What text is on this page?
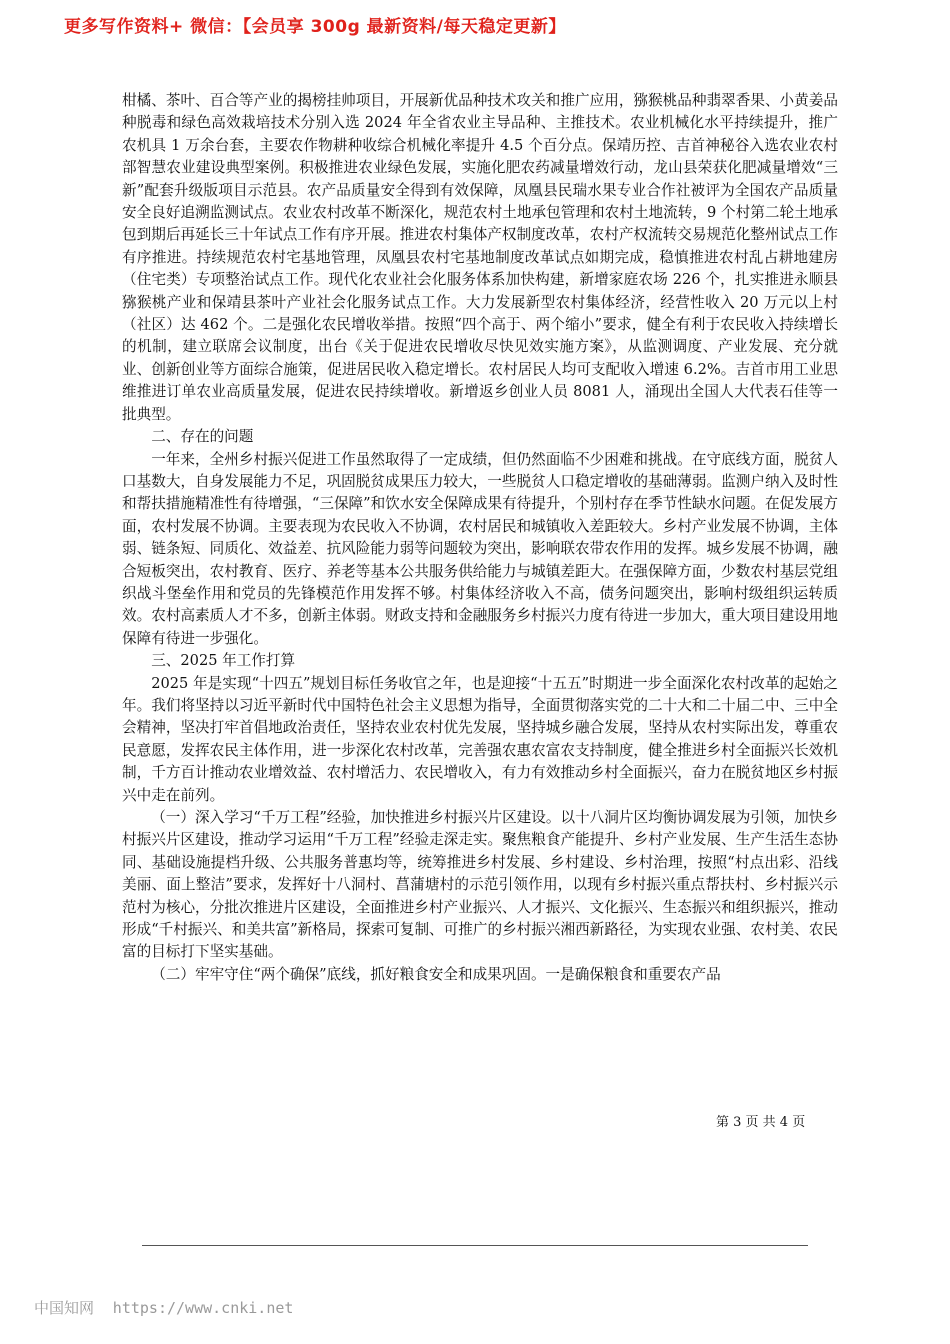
更多写作资料+ 微信：【会员享 300g 最新资料/每天稳定更新】

柑橘、茶叶、百合等产业的揭榜挂帅项目，开展新优品种技术攻关和推广应用，猕猴桃品种翡翠香果、小黄姜品种脱毒和绿色高效栽培技术分别入选 2024 年全省农业主导品种、主推技术。农业机械化水平持续提升，推广农机具 1 万余台套，主要农作物耕种收综合机械化率提升 4.5 个百分点。保靖历控、吉首神秘谷入选农业农村部智慧农业建设典型案例。积极推进农业绿色发展，实施化肥农药减量增效行动，龙山县荣获化肥减量增效“三新”配套升级版项目示范县。农产品质量安全得到有效保障，凤凰县民瑞水果专业合作社被评为全国农产品质量安全良好追溯监测试点。农业农村改革不断深化，规范农村土地承包管理和农村土地流转，9 个村第二轮土地承包到期后再延长三十年试点工作有序开展。推进农村集体产权制度改革，农村产权流转交易规范化整州试点工作有序推进。持续规范农村宅基地管理，凤凰县农村宅基地制度改革试点如期完成，稳慎推进农村乱占耕地建房（住宅类）专项整治试点工作。现代化农业社会化服务体系加快构建，新增家庭农场 226 个，扎实推进永顺县猕猴桃产业和保靖县茶叶产业社会化服务试点工作。大力发展新型农村集体经济，经营性收入 20 万元以上村（社区）达 462 个。二是强化农民增收举措。按照“四个高于、两个缩小”要求，健全有利于农民收入持续增长的机制，建立联席会议制度，出台《关于促进农民增收尽快见效实施方案》，从监测调度、产业发展、充分就业、创新创业等方面综合施策，促进居民收入稳定增长。农村居民人均可支配收入增速 6.2%。吉首市用工业思维推进订单农业高质量发展，促进农民持续增收。新增返乡创业人员 8081 人，涌现出全国人大代表石佳等一批典型。

二、存在的问题

一年来，全州乡村振兴促进工作虽然取得了一定成绩，但仍然面临不少困难和挑战。在守底线方面，脱贫人口基数大，自身发展能力不足，巩固脱贫成果压力较大，一些脱贫人口稳定增收的基础薄弱。监测户纳入及时性和帮扶措施精准性有待增强，“三保障”和饮水安全保障成果有待提升，个别村存在季节性缺水问题。在促发展方面，农村发展不协调。主要表现为农民收入不协调，农村居民和城镇收入差距较大。乡村产业发展不协调，主体弱、链条短、同质化、效益差、抗风险能力弱等问题较为突出，影响联农带农作用的发挥。城乡发展不协调，融合短板突出，农村教育、医疗、养老等基本公共服务供给能力与城镇差距大。在强保障方面，少数农村基层党组织战斗堡垒作用和党员的先锋模范作用发挥不够。村集体经济收入不高，债务问题突出，影响村级组织运转质效。农村高素质人才不多，创新主体弱。财政支持和金融服务乡村振兴力度有待进一步加大，重大项目建设用地保障有待进一步强化。

三、2025 年工作打算

2025 年是实现“十四五”规划目标任务收官之年，也是迎接“十五五”时期进一步全面深化农村改革的起始之年。我们将坚持以习近平新时代中国特色社会主义思想为指导，全面贯彻落实党的二十大和二十届二中、三中全会精神，坚决打牢首倡地政治责任，坚持农业农村优先发展，坚持城乡融合发展，坚持从农村实际出发，尊重农民意愿，发挥农民主体作用，进一步深化农村改革，完善强农惠农富农支持制度，健全推进乡村全面振兴长效机制，千方百计推动农业增效益、农村增活力、农民增收入，有力有效推动乡村全面振兴，奋力在脱贫地区乡村振兴中走在前列。

（一）深入学习“千万工程”经验，加快推进乡村振兴片区建设。以十八洞片区均衡协调发展为引领，加快乡村振兴片区建设，推动学习运用“千万工程”经验走深走实。聚焦粮食产能提升、乡村产业发展、生产生活生态协同、基础设施提档升级、公共服务普惠均等，统筹推进乡村发展、乡村建设、乡村治理，按照“村点出彩、沿线美丽、面上整洁”要求，发挥好十八洞村、菖蒲塘村的示范引领作用，以现有乡村振兴重点帮扶村、乡村振兴示范村为核心，分批次推进片区建设，全面推进乡村产业振兴、人才振兴、文化振兴、生态振兴和组织振兴，推动形成“千村振兴、和美共富”新格局，探索可复制、可推广的乡村振兴湘西新路径，为实现农业强、农村美、农民富的目标打下坚实基础。

（二）牢牢守住“两个确保”底线，抓好粮食安全和成果巩固。一是确保粮食和重要农产品

第 3 页 共 4 页
中国知网 https://www.cnki.net
